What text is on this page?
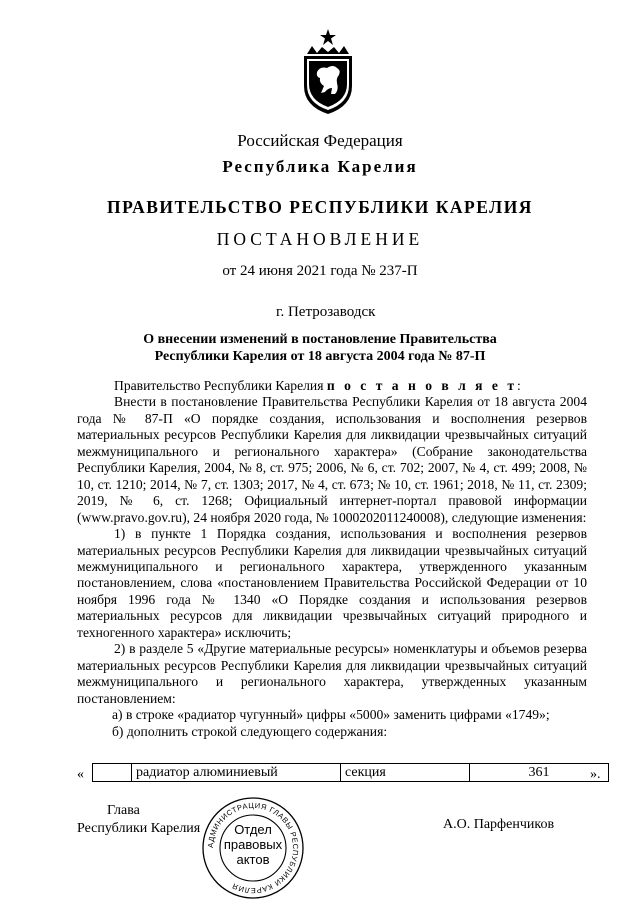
Российская Федерация
Республика Карелия
ПРАВИТЕЛЬСТВО РЕСПУБЛИКИ КАРЕЛИЯ
ПОСТАНОВЛЕНИЕ
от 24 июня 2021 года № 237-П
г. Петрозаводск
О внесении изменений в постановление Правительства
Республики Карелия от 18 августа 2004 года № 87-П

Правительство Республики Карелия п о с т а н о в л я е т:

Внести в постановление Правительства Республики Карелия от 18 августа 2004 года № 87-П «О порядке создания, использования и восполнения резервов материальных ресурсов Республики Карелия для ликвидации чрезвычайных ситуаций межмуниципального и регионального характера» (Собрание законодательства Республики Карелия, 2004, № 8, ст. 975; 2006, № 6, ст. 702; 2007, № 4, ст. 499; 2008, № 10, ст. 1210; 2014, № 7, ст. 1303; 2017, № 4, ст. 673; № 10, ст. 1961; 2018, № 11, ст. 2309; 2019, № 6, ст. 1268; Официальный интернет-портал правовой информации (www.pravo.gov.ru), 24 ноября 2020 года, № 1000202011240008), следующие изменения:

1) в пункте 1 Порядка создания, использования и восполнения резервов материальных ресурсов Республики Карелия для ликвидации чрезвычайных ситуаций межмуниципального и регионального характера, утвержденного указанным постановлением, слова «постановлением Правительства Российской Федерации от 10 ноября 1996 года № 1340 «О Порядке создания и использования резервов материальных ресурсов для ликвидации чрезвычайных ситуаций природного и техногенного характера» исключить;

2) в разделе 5 «Другие материальные ресурсы» номенклатуры и объемов резерва материальных ресурсов Республики Карелия для ликвидации чрезвычайных ситуаций межмуниципального и регионального характера, утвержденных указанным постановлением:

а) в строке «радиатор чугунный» цифры «5000» заменить цифрами «1749»;

б) дополнить строкой следующего содержания:

«
		радиатор алюминиевый	секция	361	».
Глава
Республики Карелия
АДМИНИСТРАЦИЯ ГЛАВЫ РЕСПУБЛИКИ КАРЕЛИЯ
Отдел
правовых
актов
А.О. Парфенчиков
